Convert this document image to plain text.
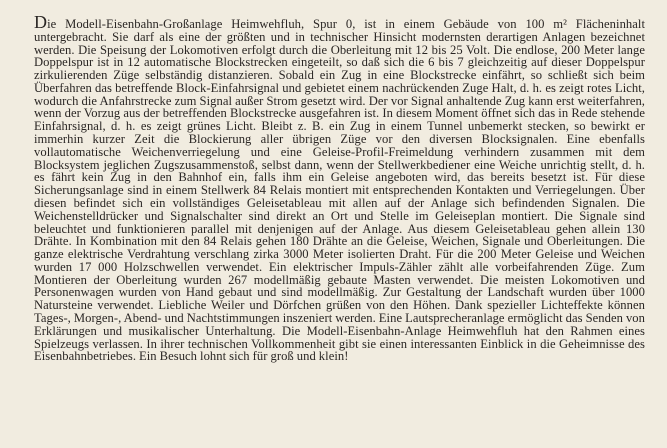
Die Modell-Eisenbahn-Großanlage Heimwehfluh, Spur 0, ist in einem Gebäude von 100 m² Flächeninhalt untergebracht. Sie darf als eine der größten und in technischer Hinsicht modernsten derartigen Anlagen bezeichnet werden. Die Speisung der Lokomotiven erfolgt durch die Oberleitung mit 12 bis 25 Volt. Die endlose, 200 Meter lange Doppelspur ist in 12 automatische Blockstrecken eingeteilt, so daß sich die 6 bis 7 gleichzeitig auf dieser Doppelspur zirkulierenden Züge selbständig distanzieren. Sobald ein Zug in eine Blockstrecke einfährt, so schließt sich beim Überfahren das betreffende Block-Einfahrsignal und gebietet einem nachrückenden Zuge Halt, d. h. es zeigt rotes Licht, wodurch die Anfahrstrecke zum Signal außer Strom gesetzt wird. Der vor Signal anhaltende Zug kann erst weiterfahren, wenn der Vorzug aus der betreffenden Blockstrecke ausgefahren ist. In diesem Moment öffnet sich das in Rede stehende Einfahrsignal, d. h. es zeigt grünes Licht. Bleibt z. B. ein Zug in einem Tunnel unbemerkt stecken, so bewirkt er immerhin kurzer Zeit die Blockierung aller übrigen Züge vor den diversen Blocksignalen. Eine ebenfalls vollautomatische Weichenverriegelung und eine Geleise-Profil-Freimeldung verhindern zusammen mit dem Blocksystem jeglichen Zugszusammenstoß, selbst dann, wenn der Stellwerkbediener eine Weiche unrichtig stellt, d. h. es fährt kein Zug in den Bahnhof ein, falls ihm ein Geleise angeboten wird, das bereits besetzt ist. Für diese Sicherungsanlage sind in einem Stellwerk 84 Relais montiert mit entsprechenden Kontakten und Verriegelungen. Über diesen befindet sich ein vollständiges Geleisetableau mit allen auf der Anlage sich befindenden Signalen. Die Weichenstelldrücker und Signalschalter sind direkt an Ort und Stelle im Geleiseplan montiert. Die Signale sind beleuchtet und funktionieren parallel mit denjenigen auf der Anlage. Aus diesem Geleisetableau gehen allein 130 Drähte. In Kombination mit den 84 Relais gehen 180 Drähte an die Geleise, Weichen, Signale und Oberleitungen. Die ganze elektrische Verdrahtung verschlang zirka 3000 Meter isolierten Draht. Für die 200 Meter Geleise und Weichen wurden 17 000 Holzschwellen verwendet. Ein elektrischer Impuls-Zähler zählt alle vorbeifahrenden Züge. Zum Montieren der Oberleitung wurden 267 modellmäßig gebaute Masten verwendet. Die meisten Lokomotiven und Personenwagen wurden von Hand gebaut und sind modellmäßig. Zur Gestaltung der Landschaft wurden über 1000 Natursteine verwendet. Liebliche Weiler und Dörfchen grüßen von den Höhen. Dank spezieller Lichteffekte können Tages-, Morgen-, Abend- und Nachtstimmungen inszeniert werden. Eine Lautsprecheranlage ermöglicht das Senden von Erklärungen und musikalischer Unterhaltung. Die Modell-Eisenbahn-Anlage Heimwehfluh hat den Rahmen eines Spielzeugs verlassen. In ihrer technischen Vollkommenheit gibt sie einen interessanten Einblick in die Geheimnisse des Eisenbahnbetriebes. Ein Besuch lohnt sich für groß und klein!
